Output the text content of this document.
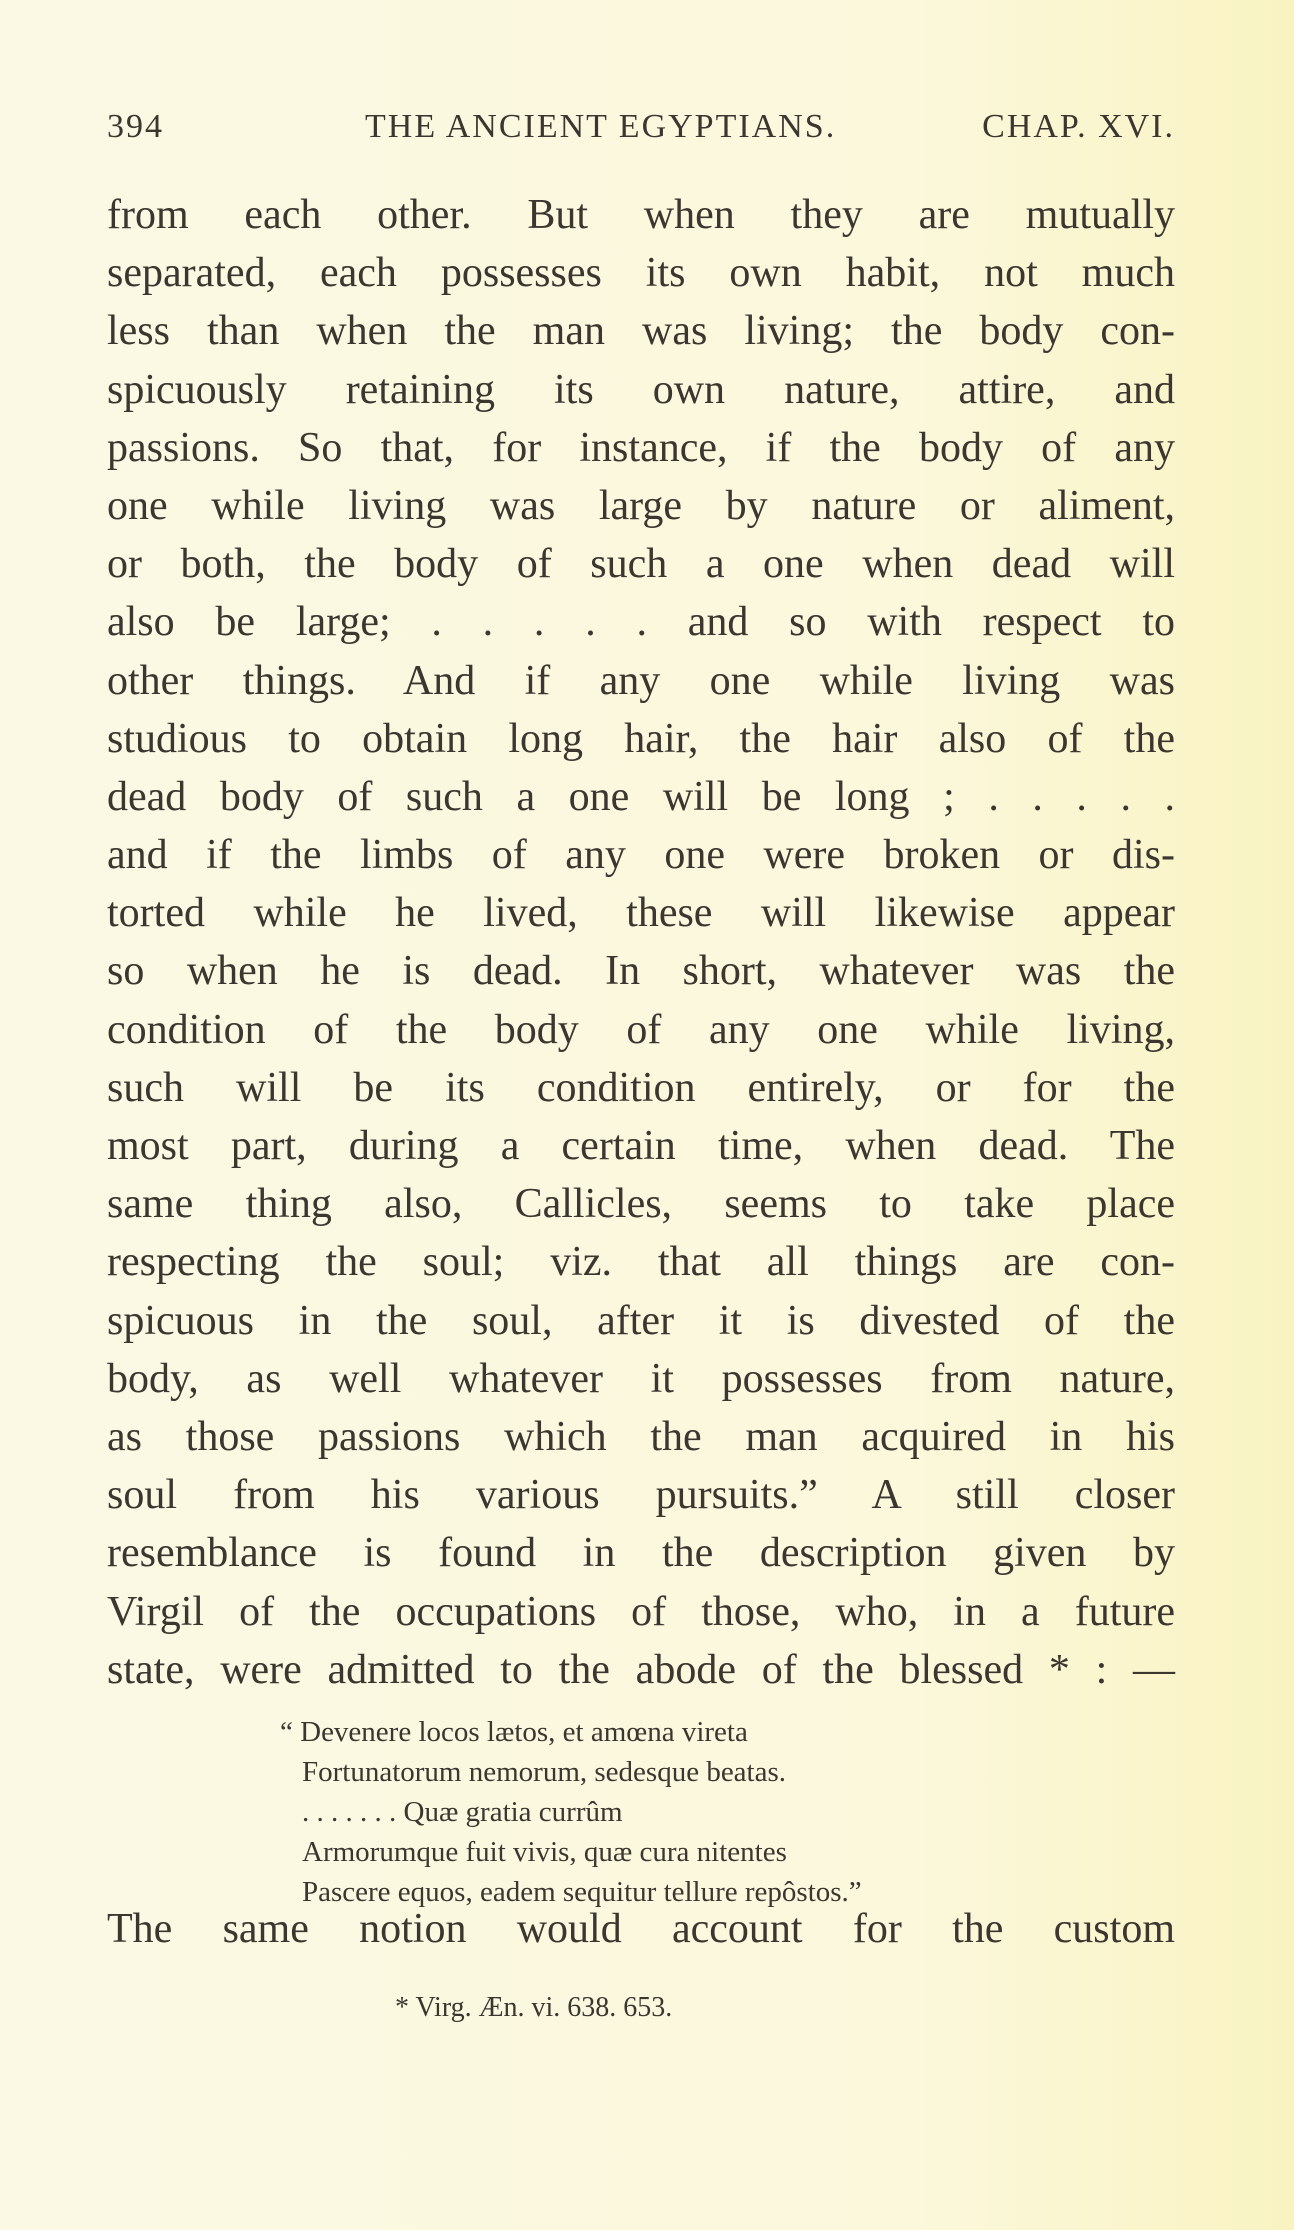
394	THE ANCIENT EGYPTIANS.	CHAP. XVI.
from each other. But when they are mutually
separated, each possesses its own habit, not much
less than when the man was living; the body con-
spicuously retaining its own nature, attire, and
passions. So that, for instance, if the body of any
one while living was large by nature or aliment,
or both, the body of such a one when dead will
also be large; . . . . . and so with respect to
other things. And if any one while living was
studious to obtain long hair, the hair also of the
dead body of such a one will be long ; . . . . .
and if the limbs of any one were broken or dis-
torted while he lived, these will likewise appear
so when he is dead. In short, whatever was the
condition of the body of any one while living,
such will be its condition entirely, or for the
most part, during a certain time, when dead. The
same thing also, Callicles, seems to take place
respecting the soul; viz. that all things are con-
spicuous in the soul, after it is divested of the
body, as well whatever it possesses from nature,
as those passions which the man acquired in his
soul from his various pursuits.” A still closer
resemblance is found in the description given by
Virgil of the occupations of those, who, in a future
state, were admitted to the abode of the blessed * : —
“ Devenere locos lætos, et amœna vireta
Fortunatorum nemorum, sedesque beatas.
. . . . . . . Quæ gratia currûm
Armorumque fuit vivis, quæ cura nitentes
Pascere equos, eadem sequitur tellure repôstos.”
The same notion would account for the custom
* Virg. Æn. vi. 638. 653.
